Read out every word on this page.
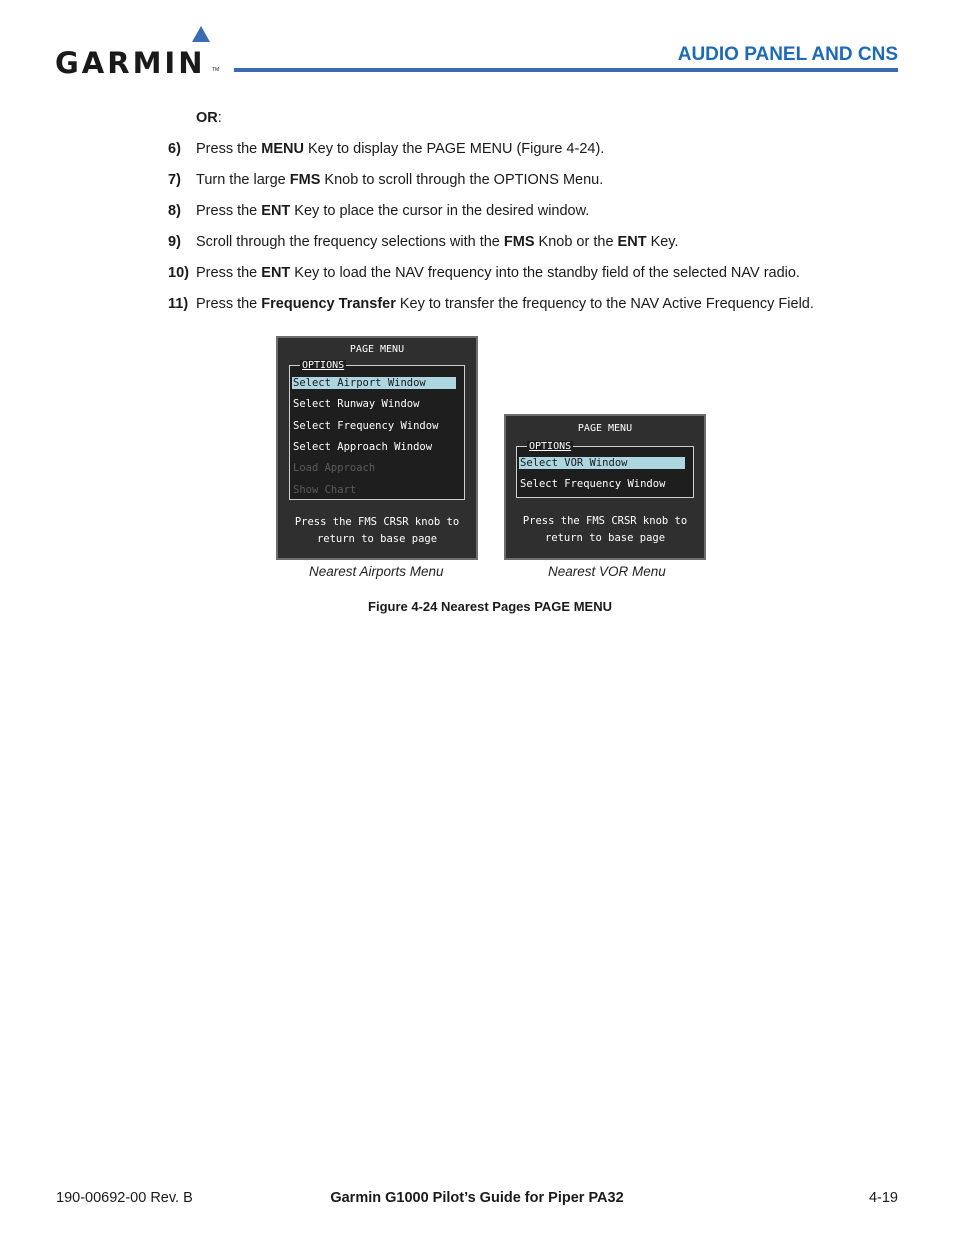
GARMIN TM
AUDIO PANEL AND CNS
OR:
6) Press the MENU Key to display the PAGE MENU (Figure 4-24).
7) Turn the large FMS Knob to scroll through the OPTIONS Menu.
8) Press the ENT Key to place the cursor in the desired window.
9) Scroll through the frequency selections with the FMS Knob or the ENT Key.
10) Press the ENT Key to load the NAV frequency into the standby field of the selected NAV radio.
11) Press the Frequency Transfer Key to transfer the frequency to the NAV Active Frequency Field.
PAGE MENU
OPTIONS
Select Airport Window
Select Runway Window
Select Frequency Window
Select Approach Window
Load Approach
Show Chart
Press the FMS CRSR knob to
return to base page
Nearest Airports Menu
PAGE MENU
OPTIONS
Select VOR Window
Select Frequency Window
Press the FMS CRSR knob to
return to base page
Nearest VOR Menu
Figure 4-24 Nearest Pages PAGE MENU
190-00692-00 Rev. B	Garmin G1000 Pilot’s Guide for Piper PA32	4-19
